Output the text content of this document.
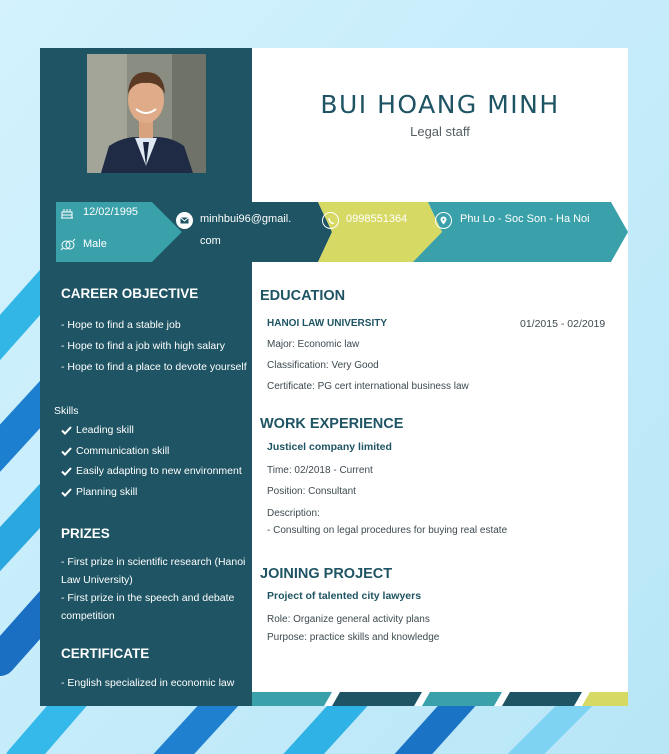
CAREER OBJECTIVE
- Hope to find a stable job
- Hope to find a job with high salary
- Hope to find a place to devote yourself
Skills
Leading skill
Communication skill
Easily adapting to new environment
Planning skill
PRIZES
- First prize in scientific research (Hanoi
Law University)
- First prize in the speech and debate
competition
CERTIFICATE
- English specialized in economic law
BUI HOANG MINH
Legal staff
12/02/1995
Male
minhbui96@gmail.
com
0998551364	Phu Lo - Soc Son - Ha Noi
EDUCATION
HANOI LAW UNIVERSITY	01/2015 - 02/2019
Major: Economic law
Classification: Very Good
Certificate: PG cert international business law
WORK EXPERIENCE
Justicel company limited
Time: 02/2018 - Current
Position: Consultant
Description:
- Consulting on legal procedures for buying real estate
JOINING PROJECT
Project of talented city lawyers
Role: Organize general activity plans
Purpose: practice skills and knowledge
